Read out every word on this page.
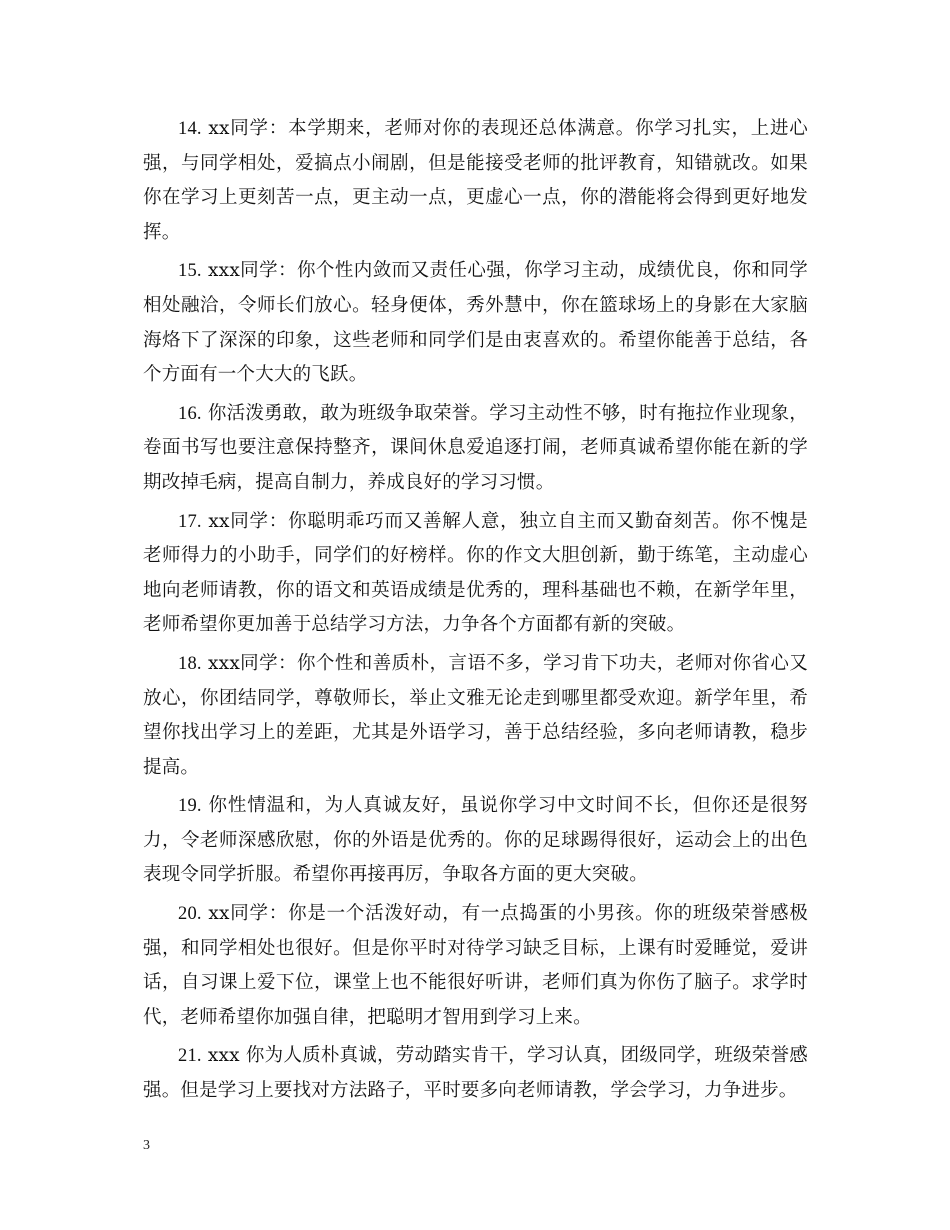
14. xx同学：本学期来，老师对你的表现还总体满意。你学习扎实，上进心强，与同学相处，爱搞点小闹剧，但是能接受老师的批评教育，知错就改。如果你在学习上更刻苦一点，更主动一点，更虚心一点，你的潜能将会得到更好地发挥。

15. xxx同学：你个性内敛而又责任心强，你学习主动，成绩优良，你和同学相处融洽，令师长们放心。轻身便体，秀外慧中，你在篮球场上的身影在大家脑海烙下了深深的印象，这些老师和同学们是由衷喜欢的。希望你能善于总结，各个方面有一个大大的飞跃。

16. 你活泼勇敢，敢为班级争取荣誉。学习主动性不够，时有拖拉作业现象，卷面书写也要注意保持整齐，课间休息爱追逐打闹，老师真诚希望你能在新的学期改掉毛病，提高自制力，养成良好的学习习惯。

17. xx同学：你聪明乖巧而又善解人意，独立自主而又勤奋刻苦。你不愧是老师得力的小助手，同学们的好榜样。你的作文大胆创新，勤于练笔，主动虚心地向老师请教，你的语文和英语成绩是优秀的，理科基础也不赖，在新学年里，老师希望你更加善于总结学习方法，力争各个方面都有新的突破。

18. xxx同学：你个性和善质朴，言语不多，学习肯下功夫，老师对你省心又放心，你团结同学，尊敬师长，举止文雅无论走到哪里都受欢迎。新学年里，希望你找出学习上的差距，尤其是外语学习，善于总结经验，多向老师请教，稳步提高。

19. 你性情温和，为人真诚友好，虽说你学习中文时间不长，但你还是很努力，令老师深感欣慰，你的外语是优秀的。你的足球踢得很好，运动会上的出色表现令同学折服。希望你再接再厉，争取各方面的更大突破。

20. xx同学：你是一个活泼好动，有一点捣蛋的小男孩。你的班级荣誉感极强，和同学相处也很好。但是你平时对待学习缺乏目标，上课有时爱睡觉，爱讲话，自习课上爱下位，课堂上也不能很好听讲，老师们真为你伤了脑子。求学时代，老师希望你加强自律，把聪明才智用到学习上来。

21. xxx 你为人质朴真诚，劳动踏实肯干，学习认真，团级同学，班级荣誉感强。但是学习上要找对方法路子，平时要多向老师请教，学会学习，力争进步。

3
